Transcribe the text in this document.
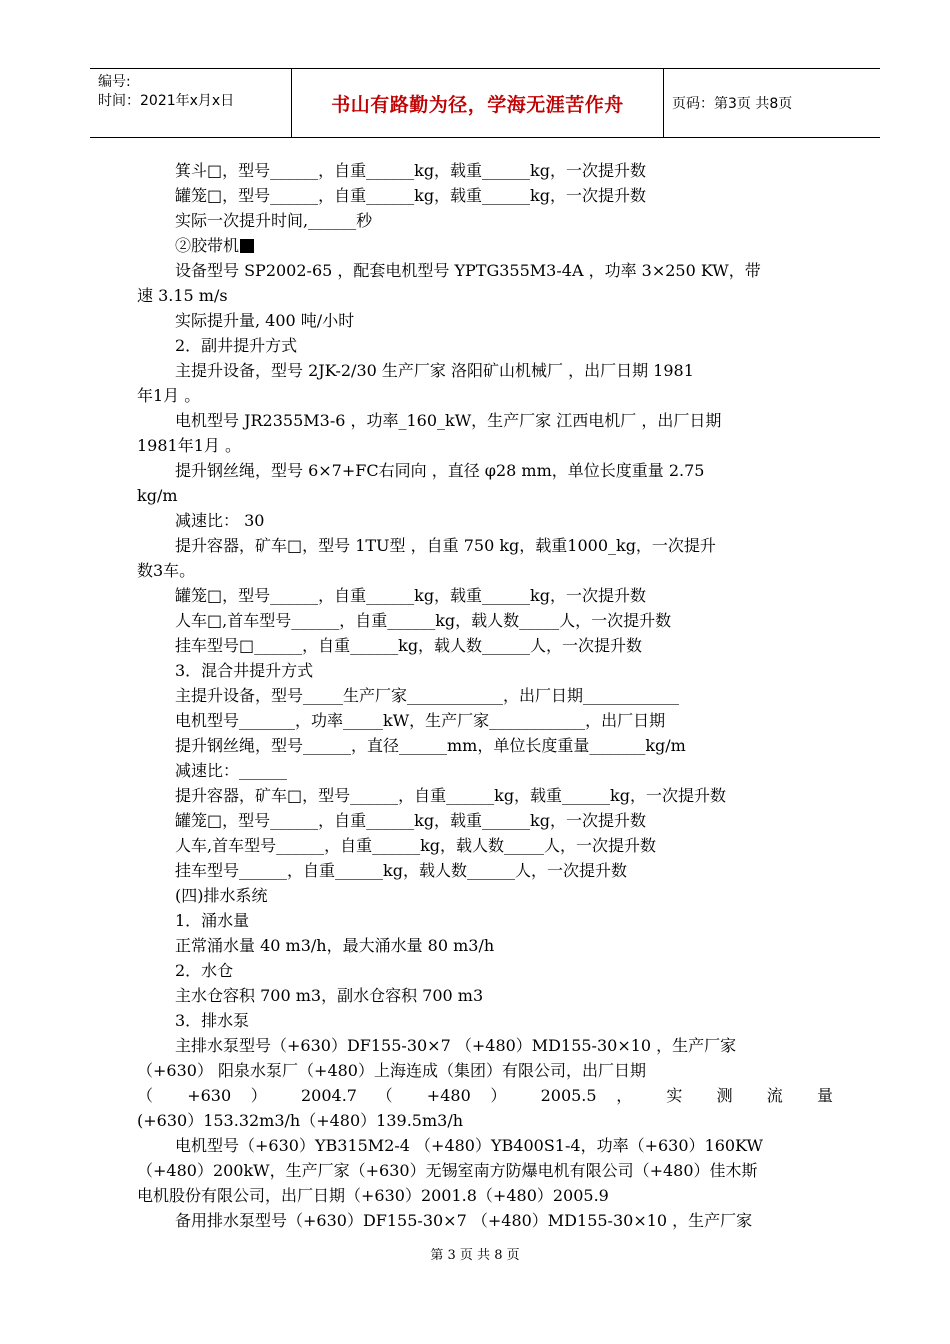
编号:
时间：2021年x月x日	书山有路勤为径，学海无涯苦作舟	页码：第3页 共8页
箕斗□，型号______，自重______kg，载重______kg，一次提升数
罐笼□，型号______，自重______kg，载重______kg，一次提升数
实际一次提升时间,______秒
②胶带机
设备型号 SP2002-65 ，配套电机型号 YPTG355M3-4A ，功率 3×250 KW，带
速 3.15 m/s
实际提升量, 400 吨/小时
2．副井提升方式
主提升设备，型号 2JK-2/30 生产厂家 洛阳矿山机械厂 ，出厂日期 1981
年1月 。
电机型号 JR2355M3-6 ，功率_160_kW，生产厂家 江西电机厂 ，出厂日期
1981年1月 。
提升钢丝绳，型号 6×7+FC右同向 ，直径 φ28 mm，单位长度重量 2.75
kg/m
减速比： 30
提升容器，矿车□，型号 1TU型 ，自重 750 kg，载重1000_kg，一次提升
数3车。
罐笼□，型号______，自重______kg，载重______kg，一次提升数
人车□,首车型号______，自重______kg，载人数_____人，一次提升数
挂车型号□______，自重______kg，载人数______人，一次提升数
3．混合井提升方式
主提升设备，型号_____生产厂家____________，出厂日期____________
电机型号_______，功率_____kW，生产厂家____________，出厂日期
提升钢丝绳，型号______，直径______mm，单位长度重量_______kg/m
减速比：______
提升容器，矿车□，型号______，自重______kg，载重______kg，一次提升数
罐笼□，型号______，自重______kg，载重______kg，一次提升数
人车,首车型号______，自重______kg，载人数_____人，一次提升数
挂车型号______，自重______kg，载人数______人，一次提升数
(四)排水系统
1．涌水量
正常涌水量 40 m3/h，最大涌水量 80 m3/h
2．水仓
主水仓容积 700 m3，副水仓容积 700 m3
3．排水泵
主排水泵型号（+630）DF155-30×7 （+480）MD155-30×10 ，生产厂家
（+630） 阳泉水泵厂（+480）上海连成（集团）有限公司，出厂日期
（ +630 ） 2004.7 （ +480 ） 2005.5 ， 实 测 流 量
(+630）153.32m3/h（+480）139.5m3/h
电机型号（+630）YB315M2-4 （+480）YB400S1-4，功率（+630）160KW
（+480）200kW，生产厂家（+630）无锡室南方防爆电机有限公司（+480）佳木斯
电机股份有限公司，出厂日期（+630）2001.8（+480）2005.9
备用排水泵型号（+630）DF155-30×7 （+480）MD155-30×10 ，生产厂家
第 3 页 共 8 页
